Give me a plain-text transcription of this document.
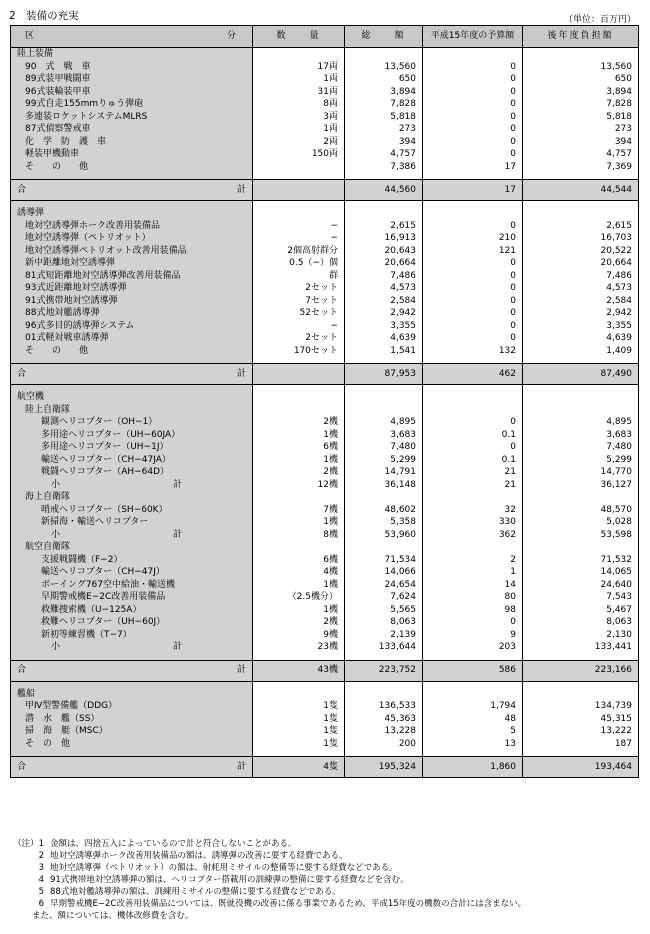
2　装備の充実	（単位：百万円）
区 分	数　　量	総　　額	平成15年度の予算額	後年度負担額
陸上装備				
90　式　戦　車	17両	13,560	0	13,560
89式装甲戦闘車	1両	650	0	650
96式装輪装甲車	31両	3,894	0	3,894
99式自走155mmりゅう弾砲	8両	7,828	0	7,828
多連装ロケットシステムMLRS	3両	5,818	0	5,818
87式偵察警戒車	1両	273	0	273
化　学　防　護　車	2両	394	0	394
軽装甲機動車	150両	4,757	0	4,757
そ　　の　　他		7,386	17	7,369

合 計		44,560	17	44,544

誘導弾				
地対空誘導弾ホーク改善用装備品	−	2,615	0	2,615
地対空誘導弾（ペトリオット）	−	16,913	210	16,703
地対空誘導弾ペトリオット改善用装備品	2個高射群分	20,643	121	20,522
新中距離地対空誘導弾	0.5（−）個	20,664	0	20,664
81式短距離地対空誘導弾改善用装備品	群	7,486	0	7,486
93式近距離地対空誘導弾	2セット	4,573	0	4,573
91式携帯地対空誘導弾	7セット	2,584	0	2,584
88式地対艦誘導弾	52セット	2,942	0	2,942
96式多目的誘導弾システム	−	3,355	0	3,355
01式軽対戦車誘導弾	2セット	4,639	0	4,639
そ　　の　　他	170セット	1,541	132	1,409

合 計		87,953	462	87,490

航空機				
陸上自衛隊				
観測ヘリコプター（OH−1）	2機	4,895	0	4,895
多用途ヘリコプター（UH−60JA）	1機	3,683	0.1	3,683
多用途ヘリコプター（UH−1J）	6機	7,480	0	7,480
輸送ヘリコプター（CH−47JA）	1機	5,299	0.1	5,299
戦闘ヘリコプター（AH−64D）	2機	14,791	21	14,770

小 計	12機	36,148	21	36,127
海上自衛隊				
哨戒ヘリコプター（SH−60K）	7機	48,602	32	48,570
新掃海・輸送ヘリコプター	1機	5,358	330	5,028

小 計	8機	53,960	362	53,598
航空自衛隊				
支援戦闘機（F−2）	6機	71,534	2	71,532
輸送ヘリコプター（CH−47J）	4機	14,066	1	14,065
ボーイング767空中給油・輸送機	1機	24,654	14	24,640
早期警戒機E−2C改善用装備品	（2.5機分）	7,624	80	7,543
救難捜索機（U−125A）	1機	5,565	98	5,467
救難ヘリコプター（UH−60J）	2機	8,063	0	8,063
新初等練習機（T−7）	9機	2,139	9	2,130

小 計	23機	133,644	203	133,441

合 計	43機	223,752	586	223,166

艦船				
甲Ⅳ型警備艦（DDG）	1隻	136,533	1,794	134,739
潜　水　艦（SS）	1隻	45,363	48	45,315
掃　海　艇（MSC）	1隻	13,228	5	13,222
そ　の　他	1隻	200	13	187

合 計	4隻	195,324	1,860	193,464
（注）1 金額は、四捨五入によっているので計と符合しないことがある。
2 地対空誘導弾ホーク改善用装備品の額は、誘導弾の改善に要する経費である。
3 地対空誘導弾（ペトリオット）の額は、射耗用ミサイルの整備等に要する経費などである。
4 91式携帯地対空誘導弾の額は、ヘリコプター搭載用の訓練弾の整備に要する経費などを含む。
5 88式地対艦誘導弾の額は、訓練用ミサイルの整備に要する経費などである。
6 早期警戒機E−2C改善用装備品については、既就役機の改善に係る事業であるため、平成15年度の機数の合計には含まない。
また、額については、機体改修費を含む。
